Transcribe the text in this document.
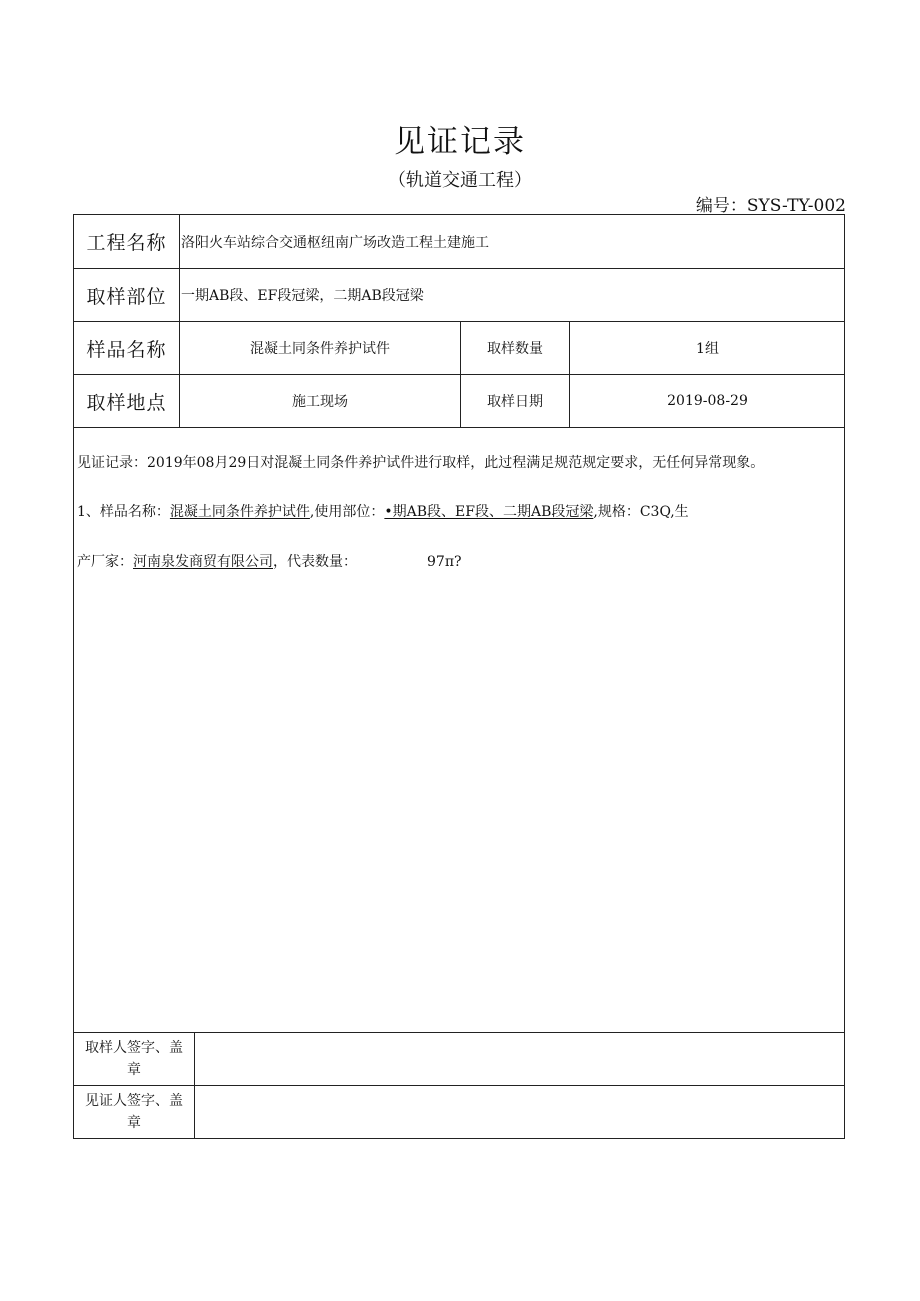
见证记录
（轨道交通工程）
编号：SYS-TY-002
工程名称	洛阳火车站综合交通枢纽南广场改造工程土建施工
取样部位	一期AB段、EF段冠梁，二期AB段冠梁
样品名称	混凝土同条件养护试件	取样数量	1组
取样地点	施工现场	取样日期	2019-08-29
见证记录：2019年08月29日对混凝土同条件养护试件进行取样，此过程满足规范规定要求，无任何异常现象。
1、样品名称：混凝土同条件养护试件,使用部位：•期AB段、EF段、二期AB段冠梁,规格：C3Q,生
产厂家：河南泉发商贸有限公司，代表数量：	97π?
取样人签字、盖
章
见证人签字、盖
章
